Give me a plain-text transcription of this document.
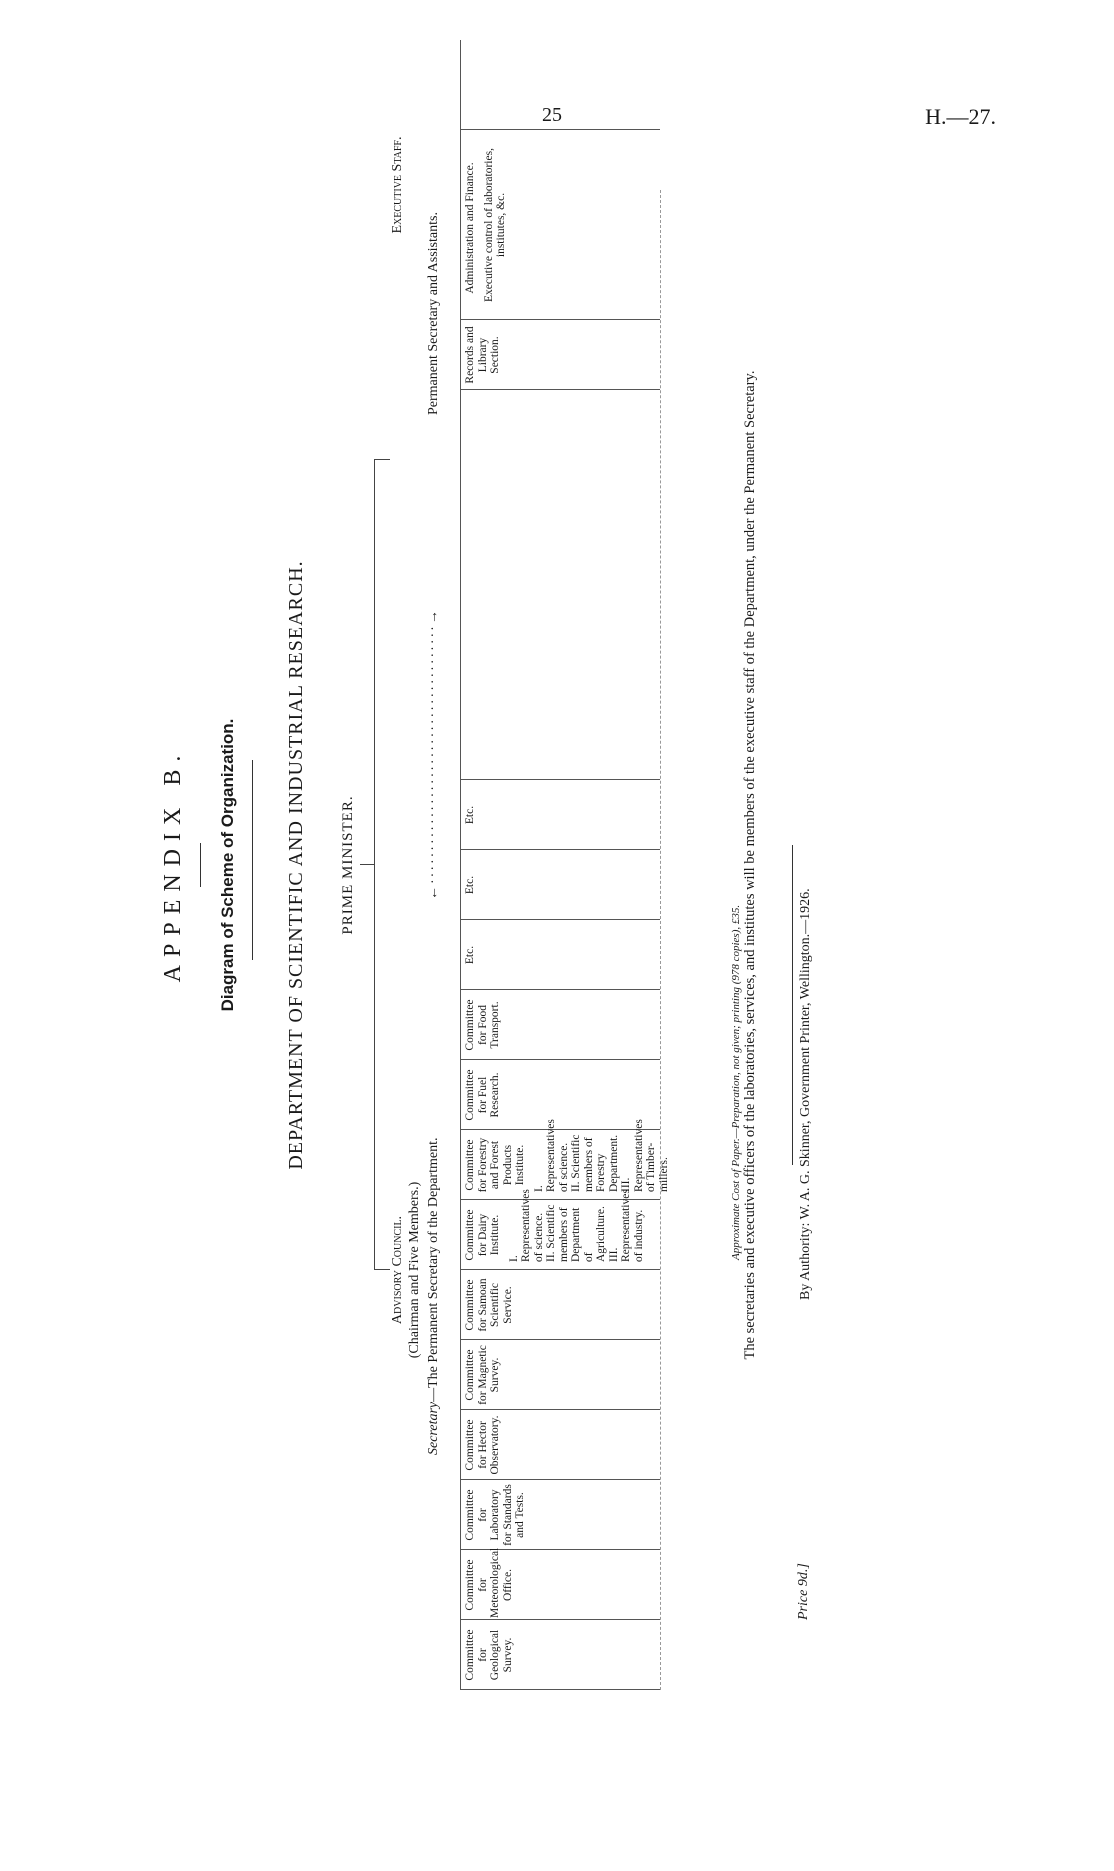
25	H.—27.
APPENDIX B. Diagram of Scheme of Organization. DEPARTMENT OF SCIENTIFIC AND INDUSTRIAL RESEARCH. PRIME MINISTER.
Advisory Council. (Chairman and Five Members.)
Secretary—The Permanent Secretary of the Department.
←·······································→
Executive Staff.
Permanent Secretary and Assistants.
Committee for Geological Survey.
Committee for Meteorological Office.
Committee for Laboratory for Standards and Tests.
Committee for Hector Observatory.
Committee for Magnetic Survey.
Committee for Samoan Scientific Service.
Committee for Dairy Institute.
I. Representatives of science. II. Scientific members of Department of Agriculture. III. Representatives of industry.
Committee for Forestry and Forest Products Institute.
I. Representatives of science. II. Scientific members of Forestry Department. III. Representatives of Timber-millers.
Committee for Fuel Research.
Committee for Food Transport.
Etc.
Etc.
Etc.
Records and Library Section.
Administration and Finance. Executive control of laboratories, institutes, &c.
The secretaries and executive officers of the laboratories, services, and institutes will be members of the executive staff of the Department, under the Permanent Secretary.
Approximate Cost of Paper.—Preparation, not given; printing (978 copies), £35.	By Authority: W. A. G. Skinner, Government Printer, Wellington.—1926.
Price 9d.]
